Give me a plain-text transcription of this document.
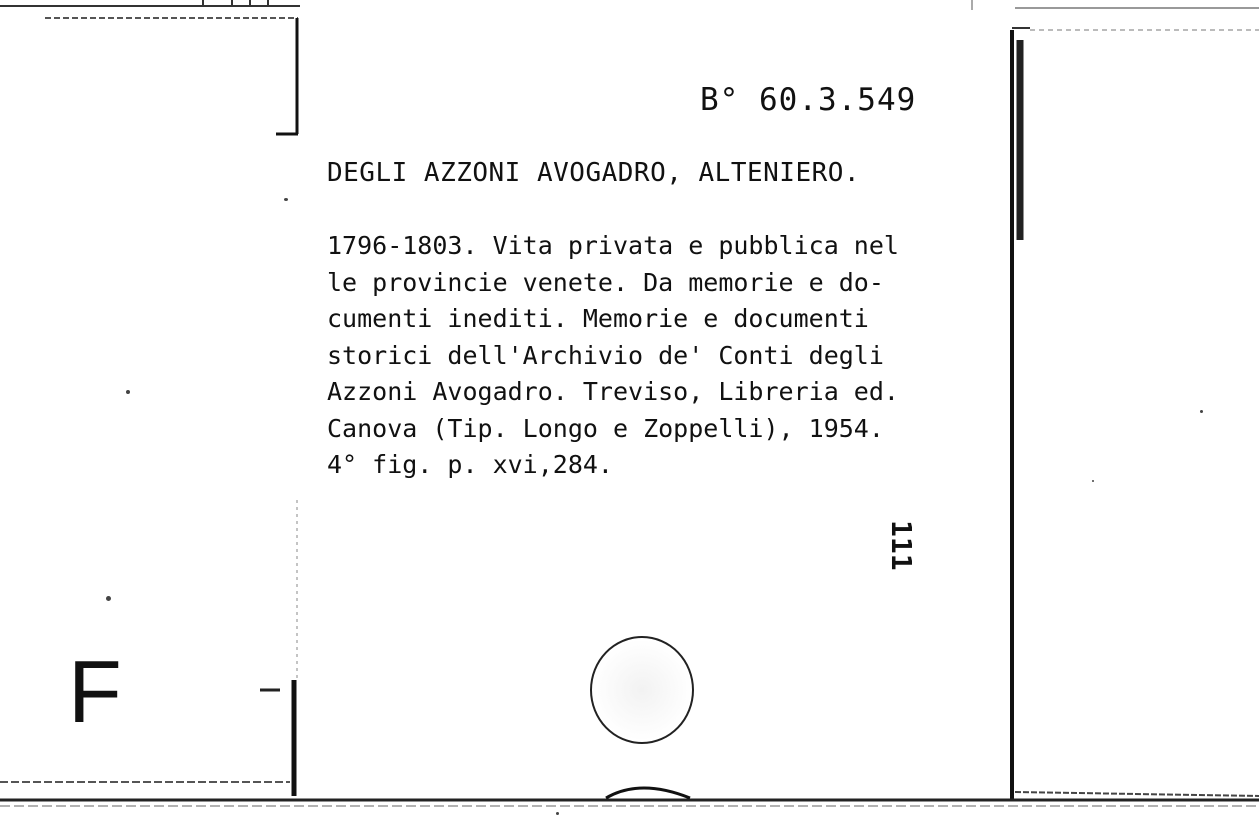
B° 60.3.549
DEGLI AZZONI AVOGADRO, ALTENIERO.

1796-1803. Vita privata e pubblica nel
le provincie venete. Da memorie e do-
cumenti inediti. Memorie e documenti
storici dell'Archivio de' Conti degli
Azzoni Avogadro. Treviso, Libreria ed.
Canova (Tip. Longo e Zoppelli), 1954.
4° fig. p. xvi,284.

111
F
